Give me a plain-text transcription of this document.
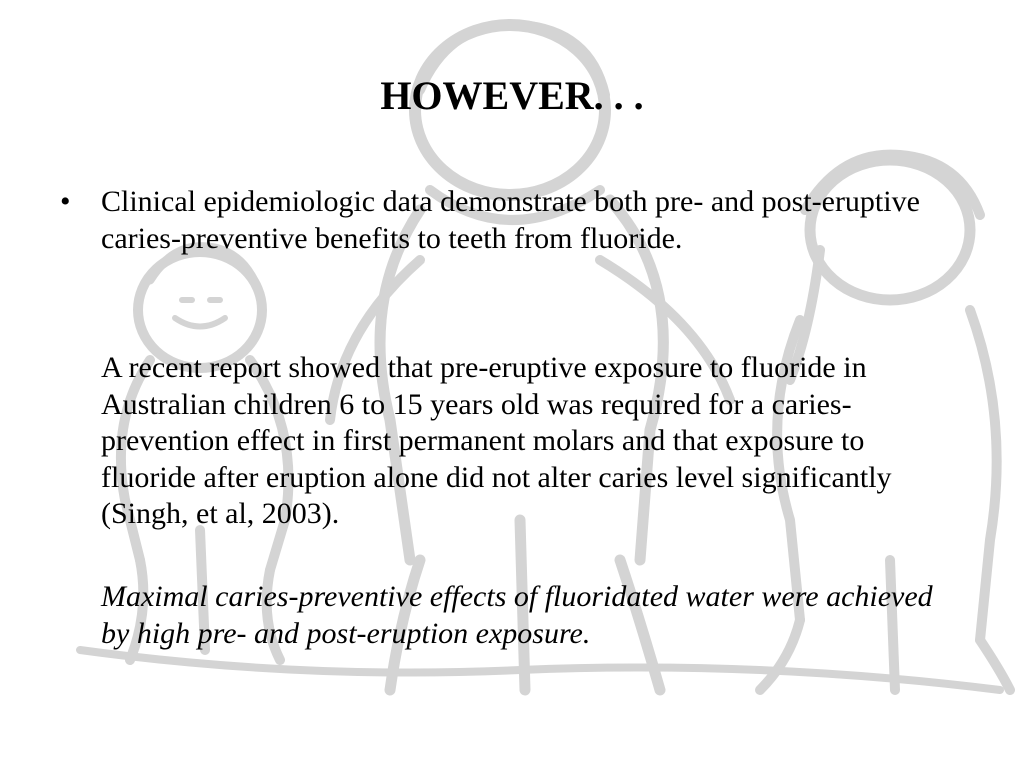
HOWEVER. . .
• Clinical epidemiologic data demonstrate both pre- and post-eruptive caries-preventive benefits to teeth from fluoride.

A recent report showed that pre-eruptive exposure to fluoride in Australian children 6 to 15 years old was required for a caries-prevention effect in first permanent molars and that exposure to fluoride after eruption alone did not alter caries level significantly (Singh, et al, 2003).

Maximal caries-preventive effects of fluoridated water were achieved by high pre- and post-eruption exposure.
